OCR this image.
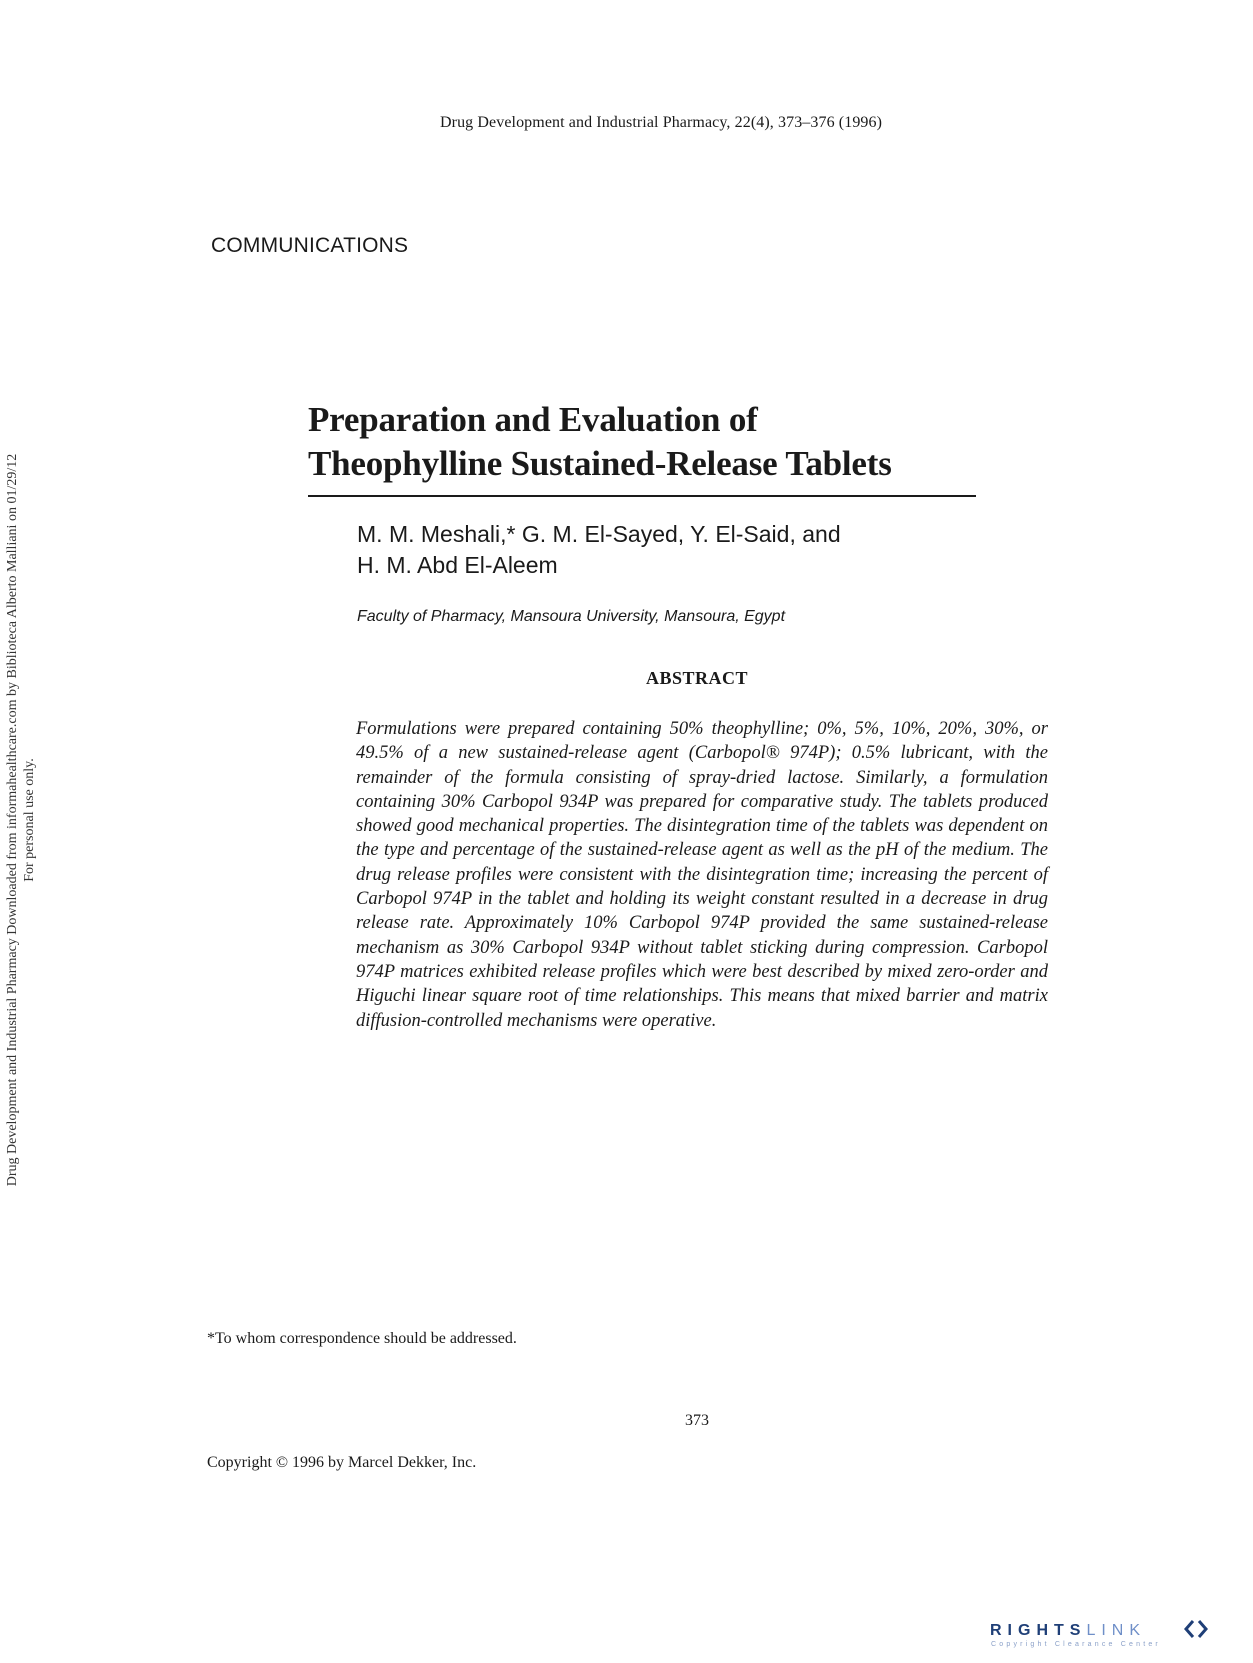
Drug Development and Industrial Pharmacy, 22(4), 373–376 (1996)
COMMUNICATIONS
Preparation and Evaluation of
Theophylline Sustained-Release Tablets
M. M. Meshali,* G. M. El-Sayed, Y. El-Said, and
H. M. Abd El-Aleem
Faculty of Pharmacy, Mansoura University, Mansoura, Egypt
ABSTRACT

Formulations were prepared containing 50% theophylline; 0%, 5%, 10%, 20%, 30%, or 49.5% of a new sustained-release agent (Carbopol® 974P); 0.5% lubricant, with the remainder of the formula consisting of spray-dried lactose. Similarly, a formulation containing 30% Carbopol 934P was prepared for comparative study. The tablets produced showed good mechanical properties. The disintegration time of the tablets was dependent on the type and percentage of the sustained-release agent as well as the pH of the medium. The drug release profiles were consistent with the disintegration time; increasing the percent of Carbopol 974P in the tablet and holding its weight constant resulted in a decrease in drug release rate. Approximately 10% Carbopol 974P provided the same sustained-release mechanism as 30% Carbopol 934P without tablet sticking during compression. Carbopol 974P matrices exhibited release profiles which were best described by mixed zero-order and Higuchi linear square root of time relationships. This means that mixed barrier and matrix diffusion-controlled mechanisms were operative.

*To whom correspondence should be addressed.
373
Copyright © 1996 by Marcel Dekker, Inc.
Drug Development and Industrial Pharmacy Downloaded from informahealthcare.com by Biblioteca Alberto Malliani on 01/29/12 For personal use only.
RIGHTSLINK
Copyright Clearance Center
